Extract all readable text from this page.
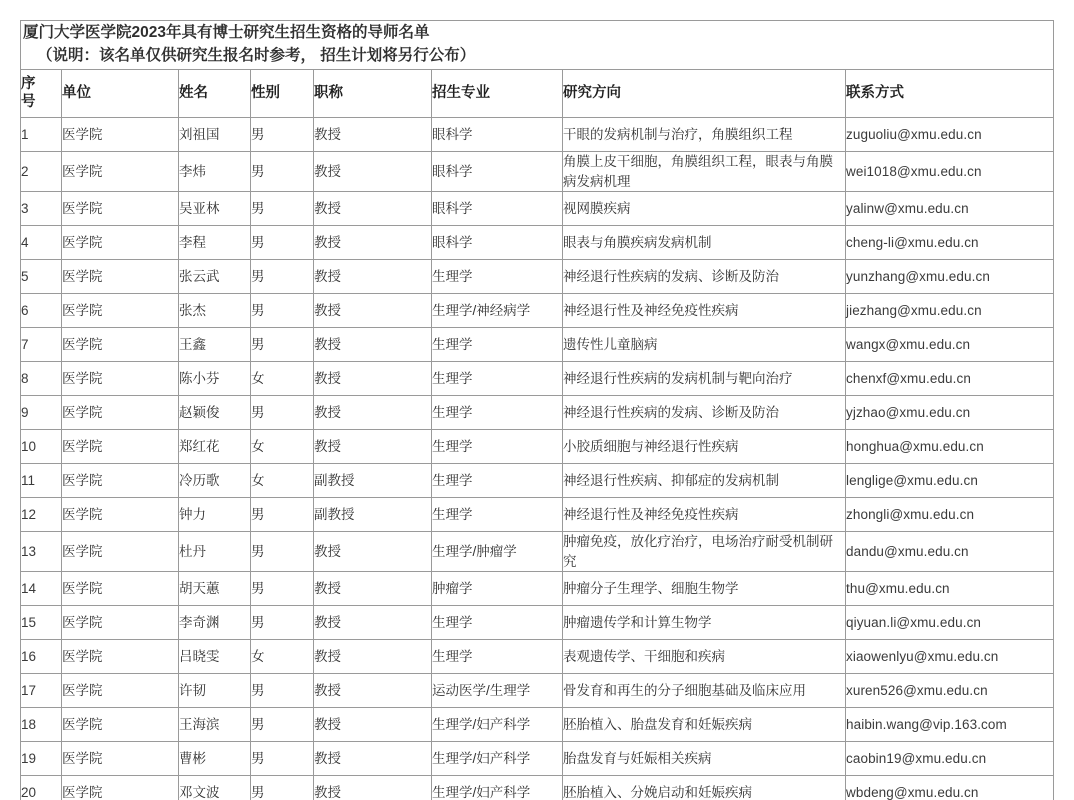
厦门大学医学院2023年具有博士研究生招生资格的导师名单
（说明：该名单仅供研究生报名时参考， 招生计划将另行公布）							

序
号	单位	姓名	性别	职称	招生专业	研究方向	联系方式
1	医学院	刘祖国	男	教授	眼科学	干眼的发病机制与治疗，角膜组织工程	zuguoliu@xmu.edu.cn
2	医学院	李炜	男	教授	眼科学	角膜上皮干细胞，角膜组织工程，眼表与角膜病发病机理	wei1018@xmu.edu.cn
3	医学院	吴亚林	男	教授	眼科学	视网膜疾病	yalinw@xmu.edu.cn
4	医学院	李程	男	教授	眼科学	眼表与角膜疾病发病机制	cheng-li@xmu.edu.cn
5	医学院	张云武	男	教授	生理学	神经退行性疾病的发病、诊断及防治	yunzhang@xmu.edu.cn
6	医学院	张杰	男	教授	生理学/神经病学	神经退行性及神经免疫性疾病	jiezhang@xmu.edu.cn
7	医学院	王鑫	男	教授	生理学	遗传性儿童脑病	wangx@xmu.edu.cn
8	医学院	陈小芬	女	教授	生理学	神经退行性疾病的发病机制与靶向治疗	chenxf@xmu.edu.cn
9	医学院	赵颖俊	男	教授	生理学	神经退行性疾病的发病、诊断及防治	yjzhao@xmu.edu.cn
10	医学院	郑红花	女	教授	生理学	小胶质细胞与神经退行性疾病	honghua@xmu.edu.cn
11	医学院	冷历歌	女	副教授	生理学	神经退行性疾病、抑郁症的发病机制	lenglige@xmu.edu.cn
12	医学院	钟力	男	副教授	生理学	神经退行性及神经免疫性疾病	zhongli@xmu.edu.cn
13	医学院	杜丹	男	教授	生理学/肿瘤学	肿瘤免疫，放化疗治疗，电场治疗耐受机制研究	dandu@xmu.edu.cn
14	医学院	胡天蕙	男	教授	肿瘤学	肿瘤分子生理学、细胞生物学	thu@xmu.edu.cn
15	医学院	李奇渊	男	教授	生理学	肿瘤遗传学和计算生物学	qiyuan.li@xmu.edu.cn
16	医学院	吕晓雯	女	教授	生理学	表观遗传学、干细胞和疾病	xiaowenlyu@xmu.edu.cn
17	医学院	许韧	男	教授	运动医学/生理学	骨发育和再生的分子细胞基础及临床应用	xuren526@xmu.edu.cn
18	医学院	王海滨	男	教授	生理学/妇产科学	胚胎植入、胎盘发育和妊娠疾病	haibin.wang@vip.163.com
19	医学院	曹彬	男	教授	生理学/妇产科学	胎盘发育与妊娠相关疾病	caobin19@xmu.edu.cn
20	医学院	邓文波	男	教授	生理学/妇产科学	胚胎植入、分娩启动和妊娠疾病	wbdeng@xmu.edu.cn
